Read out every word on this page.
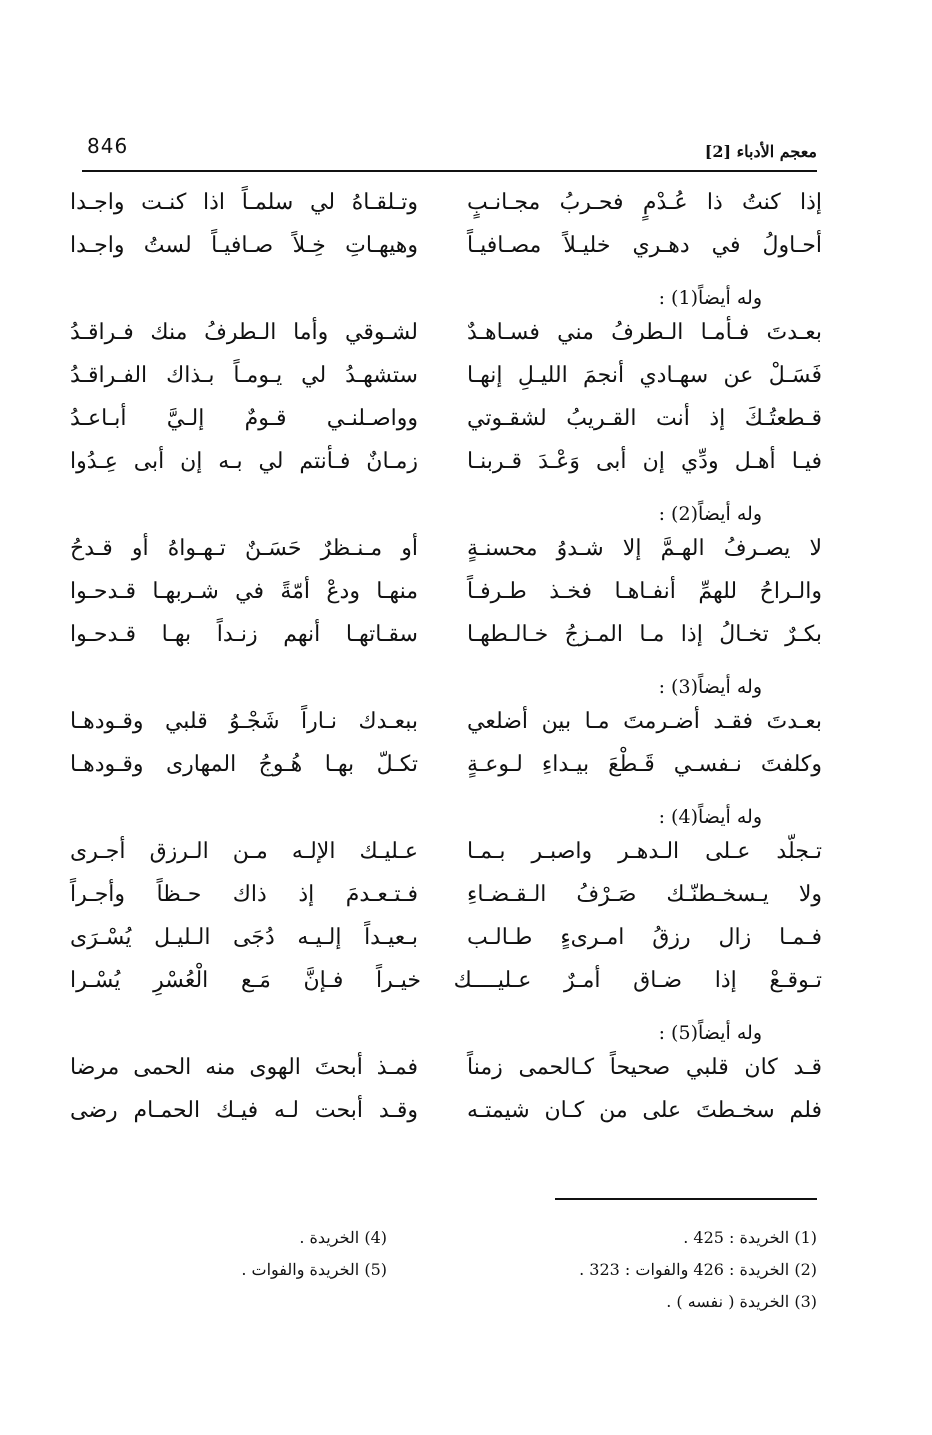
846	معجم الأدباء [2]
إذا كنتُ ذا عُـدْمٍ فحـربُ مجـانـبٍ
وتـلقـاهُ لي سلمـاً اذا كنـت واجـدا
أحـاولُ في دهـري خليـلاً مصـافيـاً
وهيهـاتِ خِـلاً صـافيـاً لستُ واجـدا
وله أيضاً(1) :
بعـدتَ فـأمـا الـطرفُ مني فسـاهـدٌ
لشـوقي وأما الـطرفُ منك فـراقـدُ
فَسَـلْ عن سهـادي أنجمَ الليـلِ إنهـا
ستشهـدُ لي يـومـاً بـذاك الفـراقـدُ
قـطعتُـكَ إذ أنت القـريبُ لشقـوتي
وواصـلنـي قـومٌ إلـيَّ أبـاعـدُ
فيـا أهـل ودِّي إن أبى وَعْـدَ قـربنـا
زمـانٌ فـأنتم لي بـه إن أبى عِـدُوا
وله أيضاً(2) :
لا يصـرفُ الهـمَّ إلا شـدوُ محسنـةٍ
أو مـنـظرٌ حَسَـنٌ تـهـواهُ أو قـدحُ
والـراحُ للهمِّ أنفـاهـا فخـذ طـرفـاً
منهـا ودعْ أمّةً في شـربهـا قـدحـوا
بكـرٌ تخـالُ إذا مـا المـزجُ خـالـطهـا
سقـاتهـا أنهم زنـداً بهـا قـدحـوا
وله أيضاً(3) :
بعـدتَ فقـد أضـرمتَ مـا بين أضلعي
ببعـدك نـاراً شَجْـوُ قلبي وقـودهـا
وكلفتَ نـفسـي قَـطْعَ بيـداءِ لـوعـةٍ
تكـلّ بهـا هُـوجُ المهارى وقـودهـا
وله أيضاً(4) :
تـجلّد عـلى الـدهـر واصبـر بـمـا
عـليـك الإلـه مـن الـرزق أجـرى
ولا يـسخـطنّـك صَـرْفُ الـقـضـاءِ
فـتـعـدمَ إذ ذاك حـظاً وأجـراً
فـمـا زال رزقُ امـرىءٍ طـالـب
بـعيـداً إلـيـه دُجَى الـليـل يُسْـرَى
تـوقـعْ إذا ضـاق أمـرٌ عـليــــك خيـراً فـإنَّ مَـع الْعُسْرِ يُسْـرا
وله أيضاً(5) :
قـد كان قلبي صحيحاً كـالحمى زمناً
فمـذ أبحتَ الهوى منه الحمى مرضا
فلم سخـطتَ على من كـان شيمتـه
وقـد أبحت لـه فيـك الحمـام رضى
(1) الخريدة : 425 .
(2) الخريدة : 426 والفوات : 323 .
(3) الخريدة ( نفسه ) .
(4) الخريدة .
(5) الخريدة والفوات .
